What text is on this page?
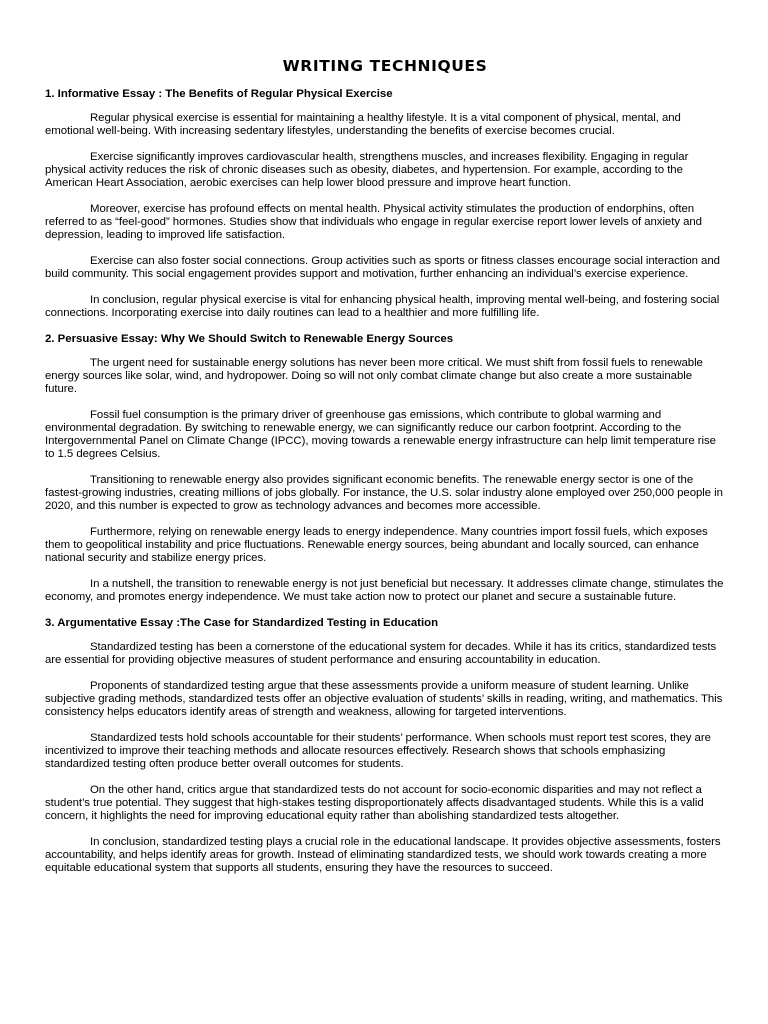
WRITING TECHNIQUES
1. Informative Essay : The Benefits of Regular Physical Exercise

Regular physical exercise is essential for maintaining a healthy lifestyle. It is a vital component of physical, mental, and emotional well-being. With increasing sedentary lifestyles, understanding the benefits of exercise becomes crucial.

Exercise significantly improves cardiovascular health, strengthens muscles, and increases flexibility. Engaging in regular physical activity reduces the risk of chronic diseases such as obesity, diabetes, and hypertension. For example, according to the American Heart Association, aerobic exercises can help lower blood pressure and improve heart function.

Moreover, exercise has profound effects on mental health. Physical activity stimulates the production of endorphins, often referred to as “feel-good” hormones. Studies show that individuals who engage in regular exercise report lower levels of anxiety and depression, leading to improved life satisfaction.

Exercise can also foster social connections. Group activities such as sports or fitness classes encourage social interaction and build community. This social engagement provides support and motivation, further enhancing an individual’s exercise experience.

In conclusion, regular physical exercise is vital for enhancing physical health, improving mental well-being, and fostering social connections. Incorporating exercise into daily routines can lead to a healthier and more fulfilling life.

2. Persuasive Essay: Why We Should Switch to Renewable Energy Sources

The urgent need for sustainable energy solutions has never been more critical. We must shift from fossil fuels to renewable energy sources like solar, wind, and hydropower. Doing so will not only combat climate change but also create a more sustainable future.

Fossil fuel consumption is the primary driver of greenhouse gas emissions, which contribute to global warming and environmental degradation. By switching to renewable energy, we can significantly reduce our carbon footprint. According to the Intergovernmental Panel on Climate Change (IPCC), moving towards a renewable energy infrastructure can help limit temperature rise to 1.5 degrees Celsius.

Transitioning to renewable energy also provides significant economic benefits. The renewable energy sector is one of the fastest-growing industries, creating millions of jobs globally. For instance, the U.S. solar industry alone employed over 250,000 people in 2020, and this number is expected to grow as technology advances and becomes more accessible.

Furthermore, relying on renewable energy leads to energy independence. Many countries import fossil fuels, which exposes them to geopolitical instability and price fluctuations. Renewable energy sources, being abundant and locally sourced, can enhance national security and stabilize energy prices.

In a nutshell, the transition to renewable energy is not just beneficial but necessary. It addresses climate change, stimulates the economy, and promotes energy independence. We must take action now to protect our planet and secure a sustainable future.

3. Argumentative Essay :The Case for Standardized Testing in Education

Standardized testing has been a cornerstone of the educational system for decades. While it has its critics, standardized tests are essential for providing objective measures of student performance and ensuring accountability in education.

Proponents of standardized testing argue that these assessments provide a uniform measure of student learning. Unlike subjective grading methods, standardized tests offer an objective evaluation of students’ skills in reading, writing, and mathematics. This consistency helps educators identify areas of strength and weakness, allowing for targeted interventions.

Standardized tests hold schools accountable for their students’ performance. When schools must report test scores, they are incentivized to improve their teaching methods and allocate resources effectively. Research shows that schools emphasizing standardized testing often produce better overall outcomes for students.

On the other hand, critics argue that standardized tests do not account for socio-economic disparities and may not reflect a student’s true potential. They suggest that high-stakes testing disproportionately affects disadvantaged students. While this is a valid concern, it highlights the need for improving educational equity rather than abolishing standardized tests altogether.

In conclusion, standardized testing plays a crucial role in the educational landscape. It provides objective assessments, fosters accountability, and helps identify areas for growth. Instead of eliminating standardized tests, we should work towards creating a more equitable educational system that supports all students, ensuring they have the resources to succeed.
